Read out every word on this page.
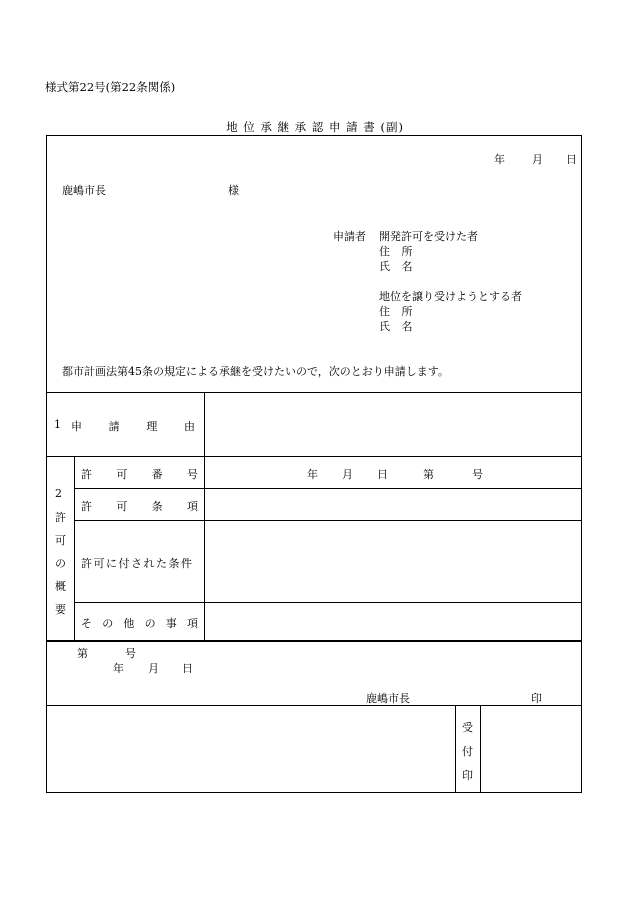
様式第22号(第22条関係)
地 位 承 継 承 認 申 請 書 (副)
年 月 日
鹿嶋市長	様
申請者 開発許可を受けた者
住 所
氏 名
地位を譲り受けようとする者
住 所
氏 名
都市計画法第45条の規定による承継を受けたいので，次のとおり申請します。
1 申 請 理 由
2
許
可
の
概
要
許 可 番 号	年 月 日	第	号
許 可 条 項
許可に付された条件
そ の 他 の 事 項
第	号
年 月 日
鹿嶋市長	印
受
付
印
